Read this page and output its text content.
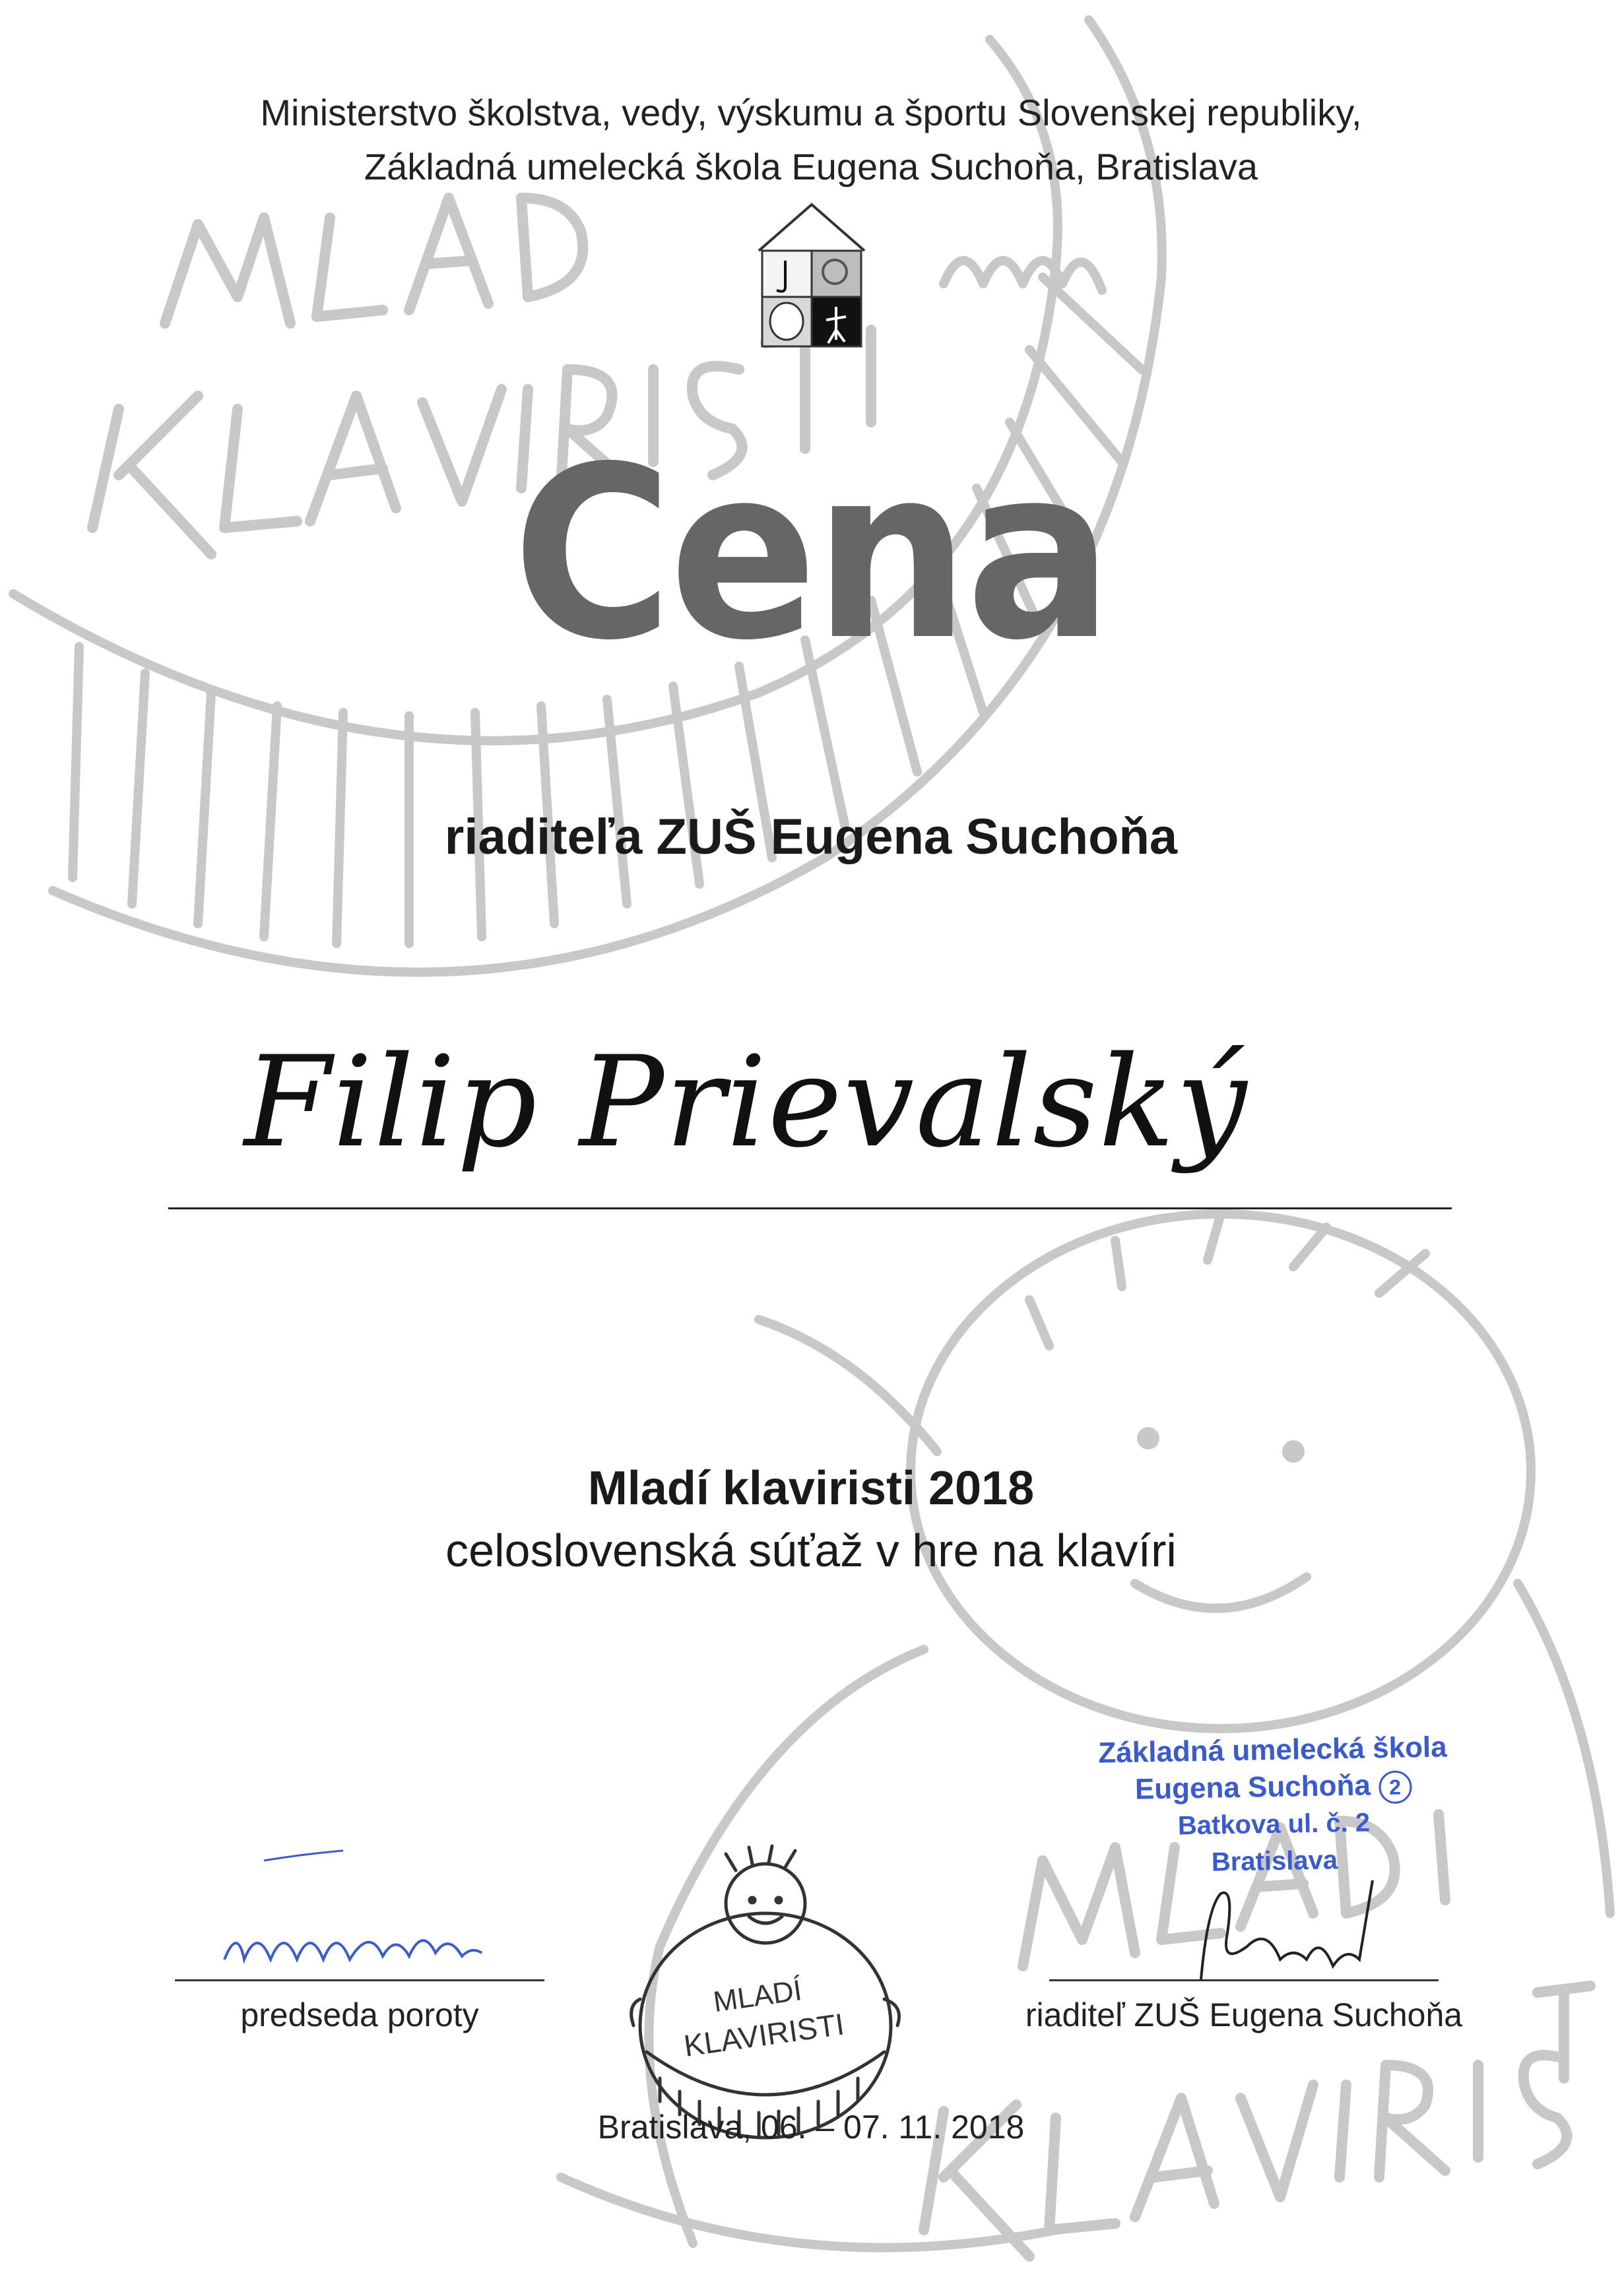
Ministerstvo školstva, vedy, výskumu a športu Slovenskej republiky,
Základná umelecká škola Eugena Suchoňa, Bratislava
Cena
riaditeľa ZUŠ Eugena Suchoňa
Filip Prievalský
Mladí klaviristi 2018
celoslovenská súťaž v hre na klavíri
predseda poroty	MLADÍ
KLAVIRISTI
Základná umelecká škola
Eugena Suchoňa 2
Batkova ul. č. 2
Bratislava
riaditeľ ZUŠ Eugena Suchoňa
Bratislava, 06. – 07. 11. 2018
